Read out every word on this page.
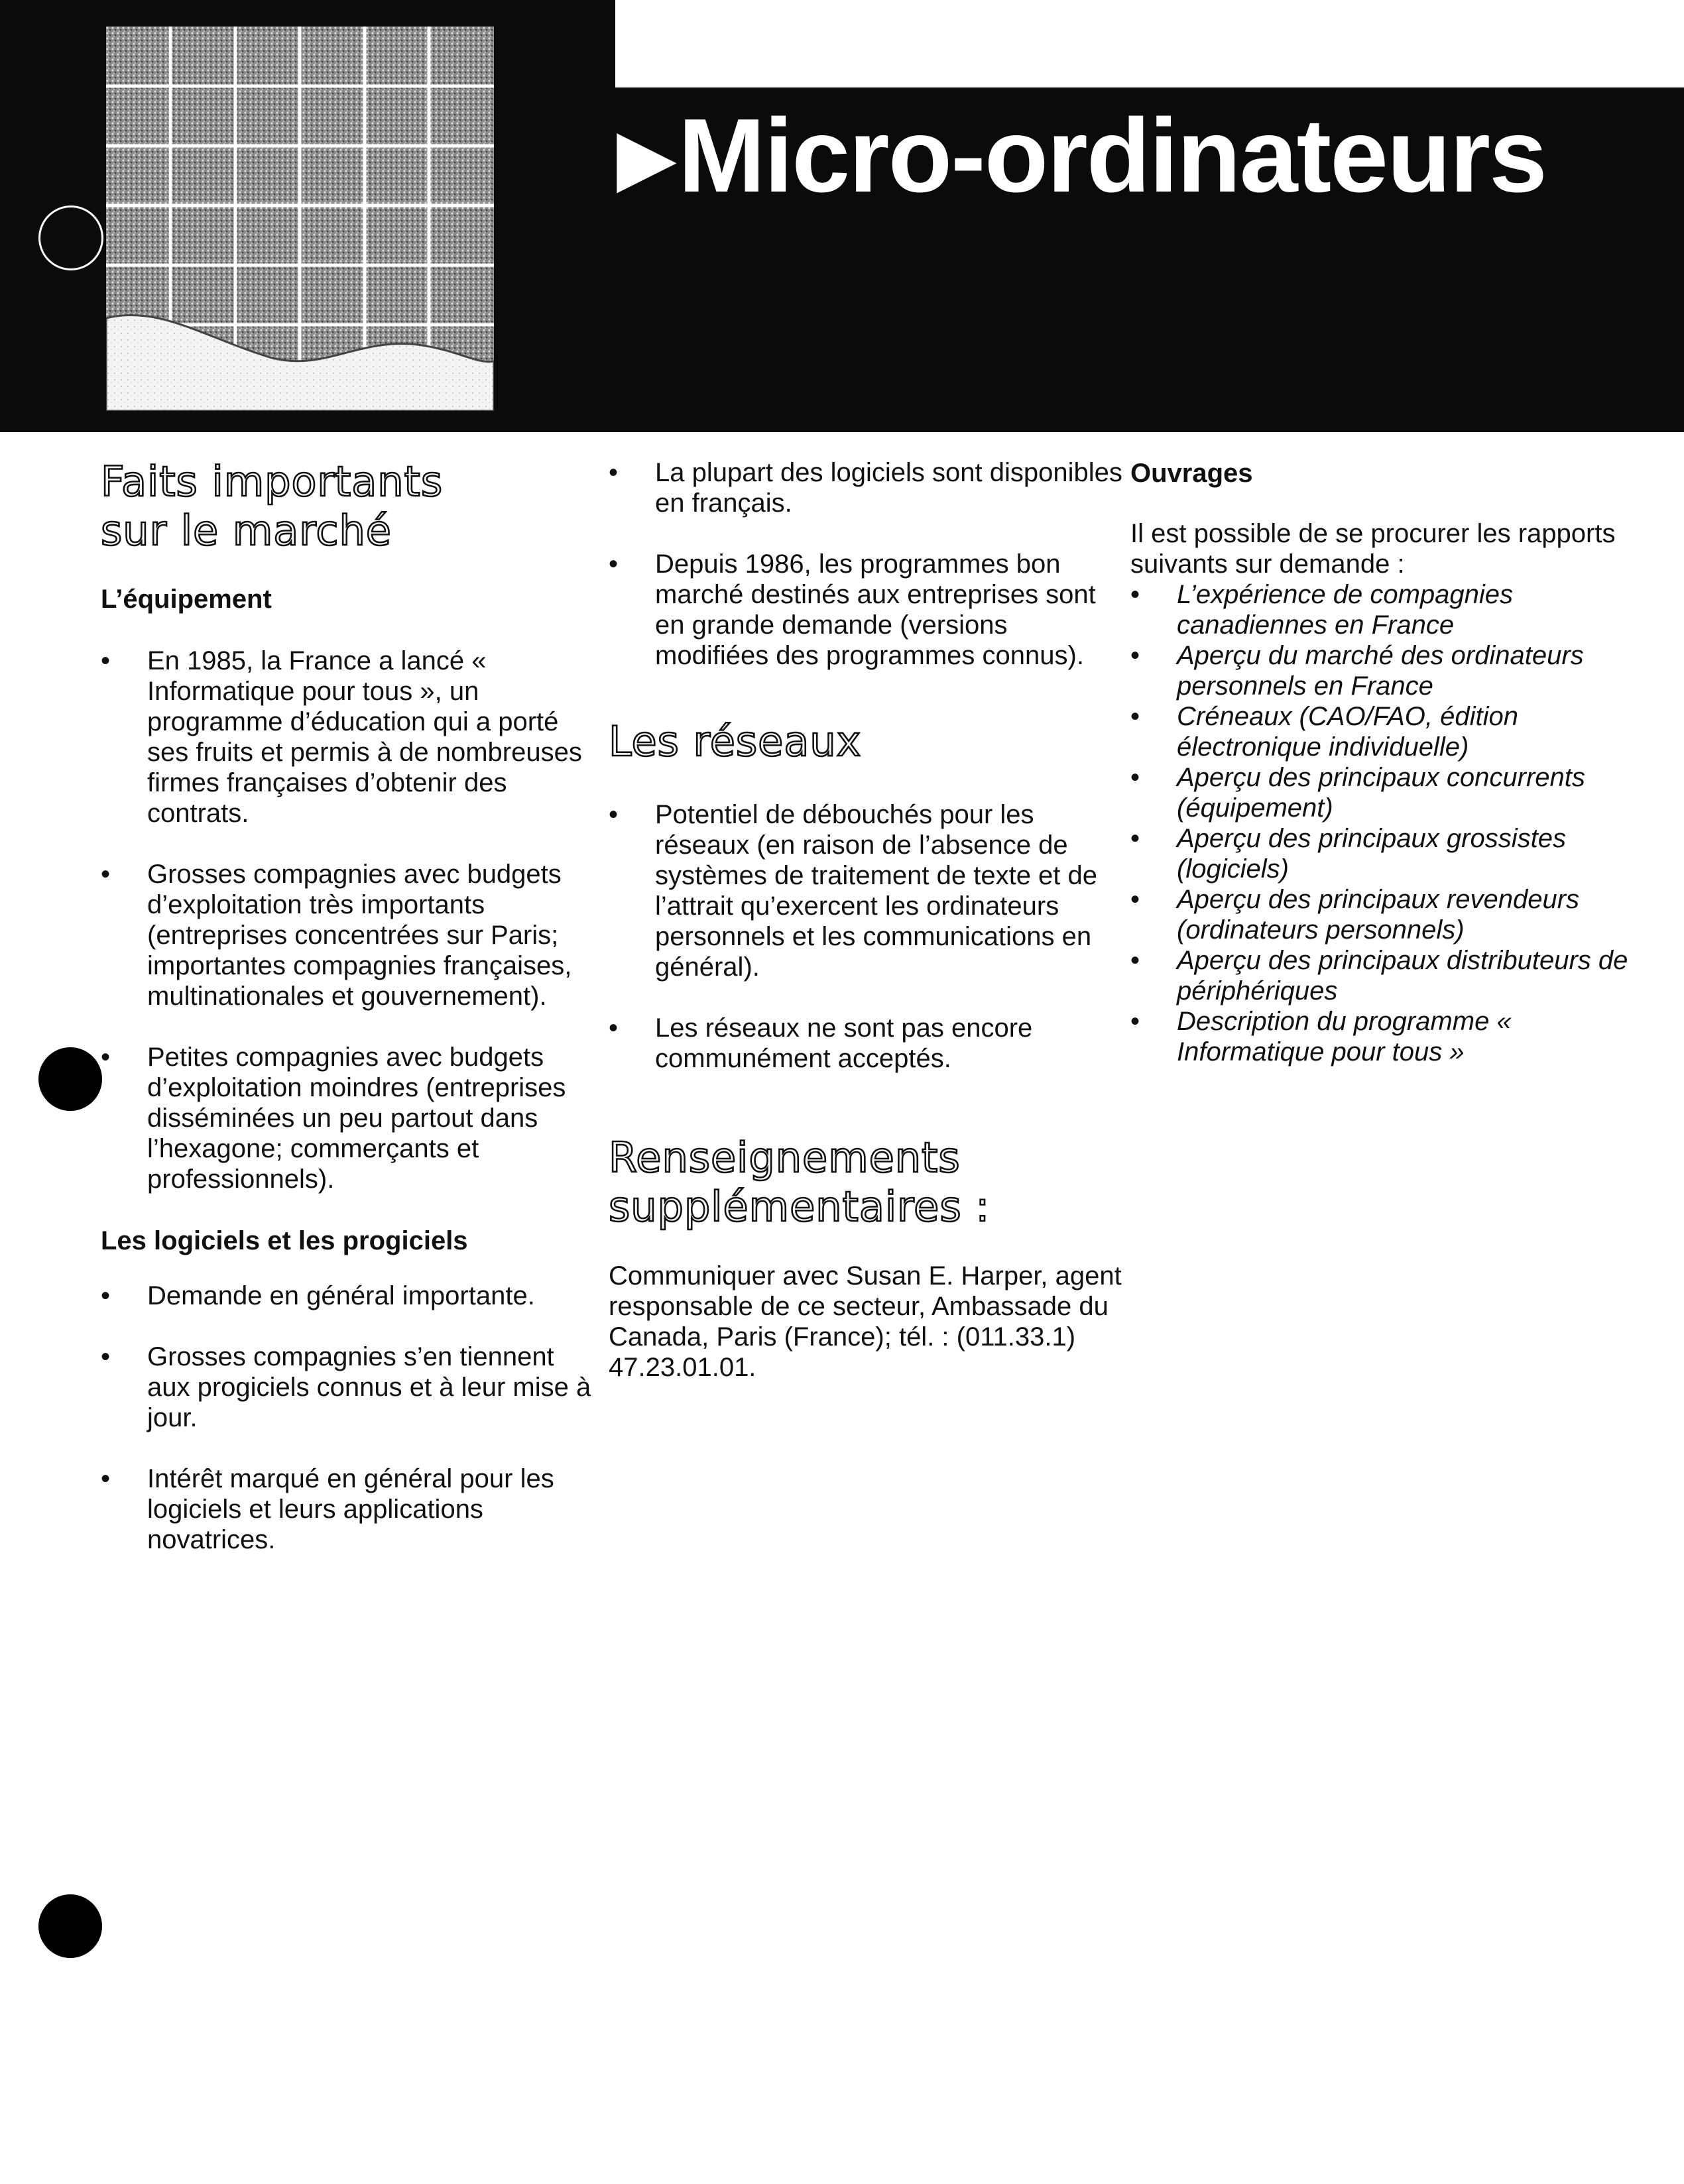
▶Micro-ordinateurs
Faits importants
sur le marché

L’équipement

• En 1985, la France a lancé « Informatique pour tous », un programme d’éducation qui a porté ses fruits et permis à de nombreuses firmes françaises d’obtenir des contrats.
• Grosses compagnies avec budgets d’exploitation très importants (entreprises concentrées sur Paris; importantes compagnies françaises, multinationales et gouvernement).
• Petites compagnies avec budgets d’exploitation moindres (entreprises disséminées un peu partout dans l’hexagone; commerçants et professionnels).

Les logiciels et les progiciels

• Demande en général importante.
• Grosses compagnies s’en tiennent aux progiciels connus et à leur mise à jour.
• Intérêt marqué en général pour les logiciels et leurs applications novatrices.
• La plupart des logiciels sont disponibles en français.
• Depuis 1986, les programmes bon marché destinés aux entreprises sont en grande demande (versions modifiées des programmes connus).
Les réseaux
• Potentiel de débouchés pour les réseaux (en raison de l’absence de systèmes de traitement de texte et de l’attrait qu’exercent les ordinateurs personnels et les communications en général).
• Les réseaux ne sont pas encore communément acceptés.
Renseignements
supplémentaires :

Communiquer avec Susan E. Harper, agent responsable de ce secteur, Ambassade du Canada, Paris (France); tél. : (011.33.1) 47.23.01.01.

Ouvrages

Il est possible de se procurer les rapports suivants sur demande :

• L’expérience de compagnies canadiennes en France
• Aperçu du marché des ordinateurs personnels en France
• Créneaux (CAO/FAO, édition électronique individuelle)
• Aperçu des principaux concurrents (équipement)
• Aperçu des principaux grossistes (logiciels)
• Aperçu des principaux revendeurs (ordinateurs personnels)
• Aperçu des principaux distributeurs de périphériques
• Description du programme « Informatique pour tous »
